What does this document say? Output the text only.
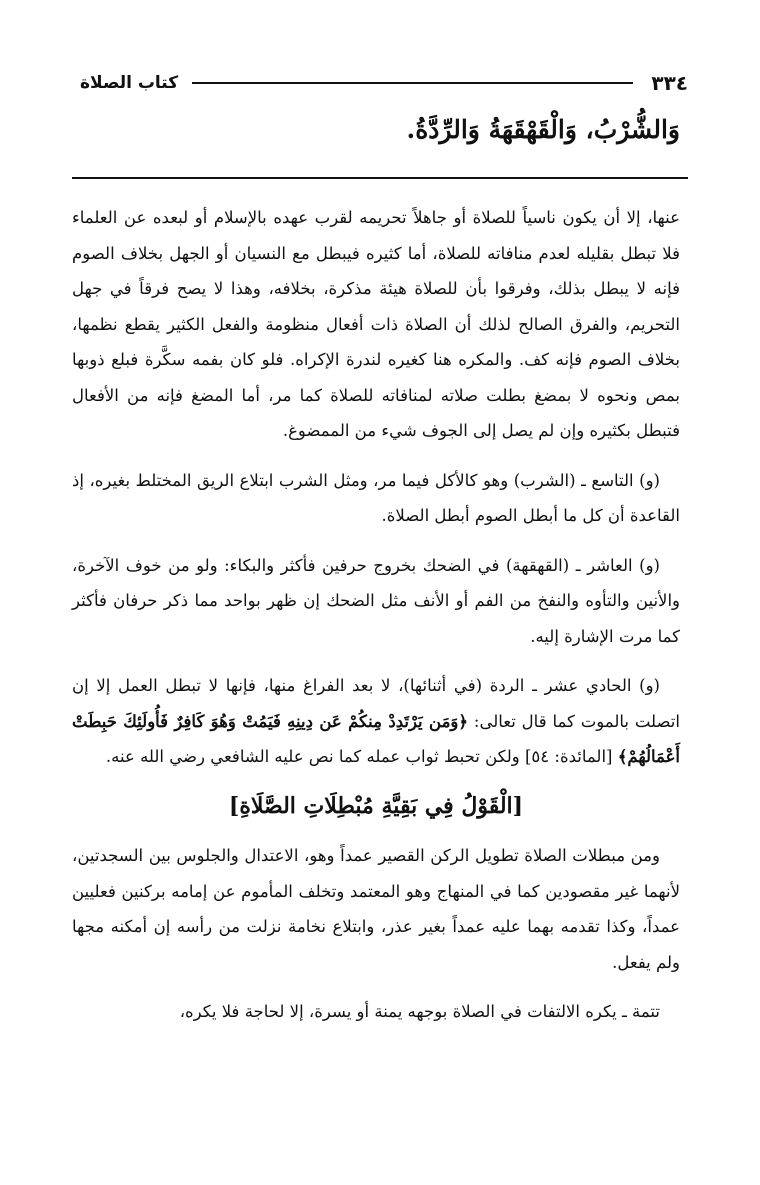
٣٣٤
كتاب الصلاة
وَالشُّرْبُ، وَالْقَهْقَهَةُ وَالرِّدَّةُ.

عنها، إلا أن يكون ناسياً للصلاة أو جاهلاً تحريمه لقرب عهده بالإسلام أو لبعده عن العلماء فلا تبطل بقليله لعدم منافاته للصلاة، أما كثيره فيبطل مع النسيان أو الجهل بخلاف الصوم فإنه لا يبطل بذلك، وفرقوا بأن للصلاة هيئة مذكرة، بخلافه، وهذا لا يصح فرقاً في جهل التحريم، والفرق الصالح لذلك أن الصلاة ذات أفعال منظومة والفعل الكثير يقطع نظمها، بخلاف الصوم فإنه كف. والمكره هنا كغيره لندرة الإكراه. فلو كان بفمه سكَّرة فبلع ذوبها بمص ونحوه لا بمضغ بطلت صلاته لمنافاته للصلاة كما مر، أما المضغ فإنه من الأفعال فتبطل بكثيره وإن لم يصل إلى الجوف شيء من الممضوغ.

(و) التاسع ـ (الشرب) وهو كالأكل فيما مر، ومثل الشرب ابتلاع الريق المختلط بغيره، إذ القاعدة أن كل ما أبطل الصوم أبطل الصلاة.

(و) العاشر ـ (القهقهة) في الضحك بخروج حرفين فأكثر والبكاء: ولو من خوف الآخرة، والأنين والتأوه والنفخ من الفم أو الأنف مثل الضحك إن ظهر بواحد مما ذكر حرفان فأكثر كما مرت الإشارة إليه.

(و) الحادي عشر ـ الردة (في أثنائها)، لا بعد الفراغ منها، فإنها لا تبطل العمل إلا إن اتصلت بالموت كما قال تعالى: ﴿وَمَن يَرْتَدِدْ مِنكُمْ عَن دِينِهِ فَيَمُتْ وَهُوَ كَافِرٌ فَأُولَئِكَ حَبِطَتْ أَعْمَالُهُمْ﴾ [المائدة: ٥٤] ولكن تحبط ثواب عمله كما نص عليه الشافعي رضي الله عنه.

[الْقَوْلُ فِي بَقِيَّةِ مُبْطِلَاتِ الصَّلَاةِ]

ومن مبطلات الصلاة تطويل الركن القصير عمداً وهو، الاعتدال والجلوس بين السجدتين، لأنهما غير مقصودين كما في المنهاج وهو المعتمد وتخلف المأموم عن إمامه بركنين فعليين عمداً، وكذا تقدمه بهما عليه عمداً بغير عذر، وابتلاع نخامة نزلت من رأسه إن أمكنه مجها ولم يفعل.

تتمة ـ يكره الالتفات في الصلاة بوجهه يمنة أو يسرة، إلا لحاجة فلا يكره،
